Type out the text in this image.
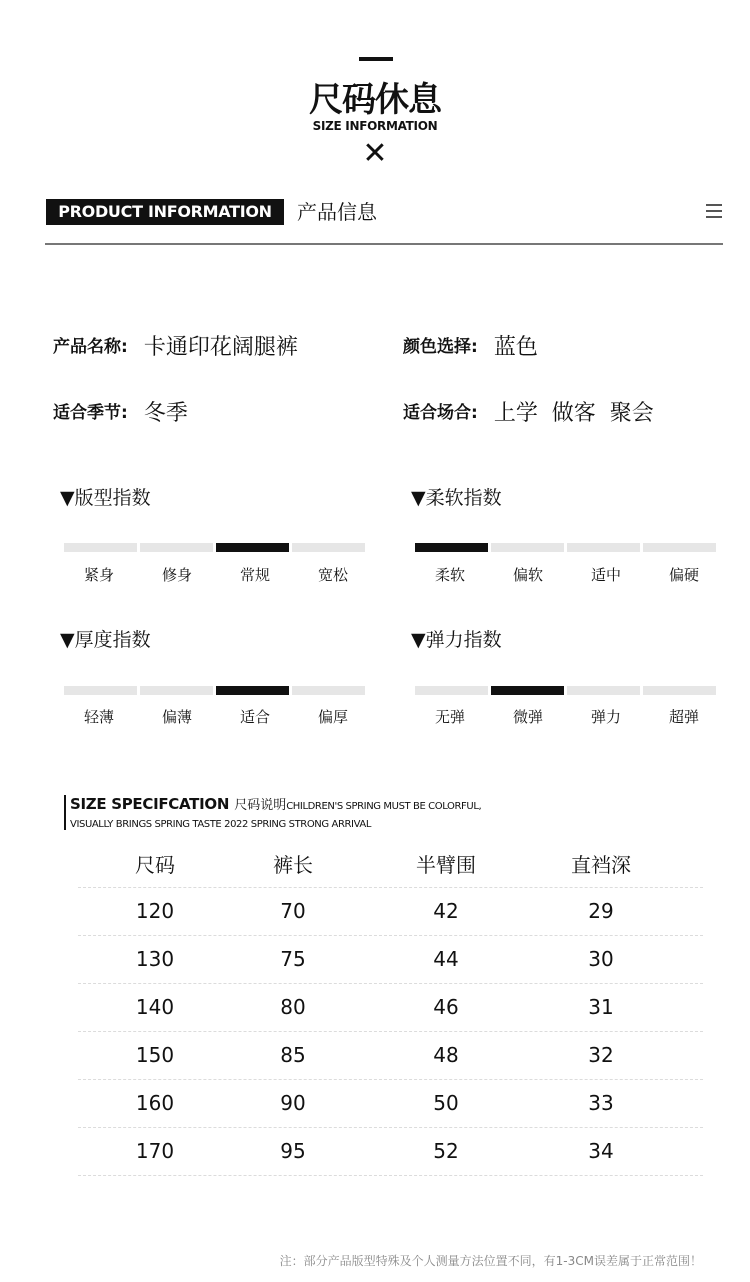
尺码休息
SIZE INFORMATION
✕
PRODUCT INFORMATION	产品信息
产品名称: 卡通印花阔腿裤	颜色选择: 蓝色
适合季节: 冬季	适合场合: 上学  做客  聚会
▼版型指数
紧身	修身	常规	宽松
▼柔软指数
柔软	偏软	适中	偏硬
▼厚度指数
轻薄	偏薄	适合	偏厚
▼弹力指数
无弹	微弹	弹力	超弹
SIZE SPECIFCATION 尺码说明CHILDREN'S SPRING MUST BE COLORFUL,
VISUALLY BRINGS SPRING TASTE 2022 SPRING STRONG ARRIVAL
尺码	裤长	半臂围	直裆深
120	70	42	29
130	75	44	30
140	80	46	31
150	85	48	32
160	90	50	33
170	95	52	34
注：部分产品版型特殊及个人测量方法位置不同，有1-3CM误差属于正常范围！
